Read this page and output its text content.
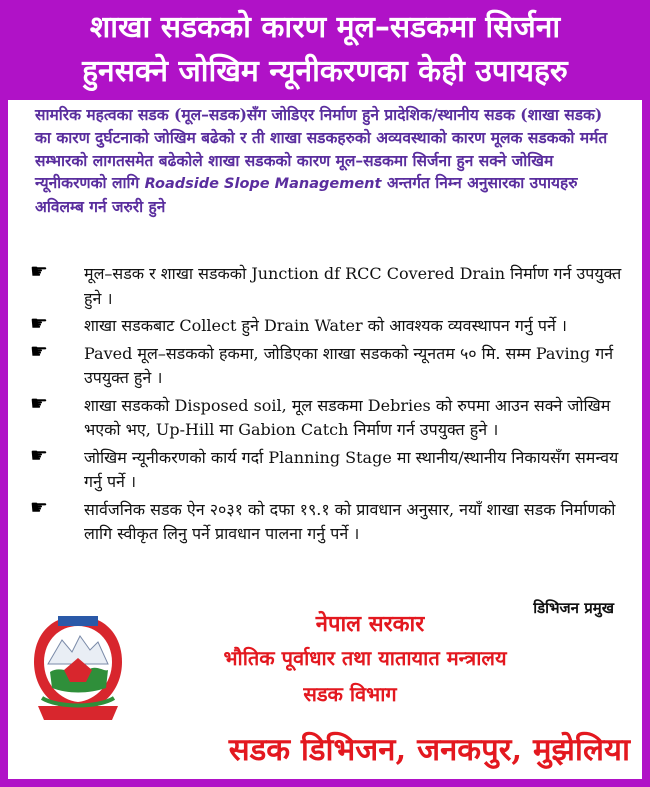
शाखा सडकको कारण मूल–सडकमा सिर्जना
हुनसक्ने जोखिम न्यूनीकरणका केही उपायहरु
सामरिक महत्वका सडक (मूल–सडक)सँग जोडिएर निर्माण हुने प्रादेशिक/स्थानीय सडक (शाखा सडक) का कारण दुर्घटनाको जोखिम बढेको र ती शाखा सडकहरुको अव्यवस्थाको कारण मूलक सडकको मर्मत सम्भारको लागतसमेत बढेकोले शाखा सडकको कारण मूल–सडकमा सिर्जना हुन सक्ने जोखिम न्यूनीकरणको लागि Roadside Slope Management अन्तर्गत निम्न अनुसारका उपायहरु अविलम्ब गर्न जरुरी हुने
☛	मूल–सडक र शाखा सडकको Junction df RCC Covered Drain निर्माण गर्न उपयुक्त हुने ।
☛	शाखा सडकबाट Collect हुने Drain Water को आवश्यक व्यवस्थापन गर्नु पर्ने ।
☛	Paved मूल–सडकको हकमा, जोडिएका शाखा सडकको न्यूनतम ५० मि. सम्म Paving गर्न उपयुक्त हुने ।
☛	शाखा सडकको Disposed soil, मूल सडकमा Debries को रुपमा आउन सक्ने जोखिम भएको भए, Up-Hill मा Gabion Catch निर्माण गर्न उपयुक्त हुने ।
☛	जोखिम न्यूनीकरणको कार्य गर्दा Planning Stage मा स्थानीय/स्थानीय निकायसँग समन्वय गर्नु पर्ने ।
☛	सार्वजनिक सडक ऐन २०३१ को दफा १९.१ को प्रावधान अनुसार, नयाँ शाखा सडक निर्माणको लागि स्वीकृत लिनु पर्ने प्रावधान पालना गर्नु पर्ने ।
डिभिजन प्रमुख
नेपाल सरकार
भौतिक पूर्वाधार तथा यातायात मन्त्रालय
सडक विभाग
सडक डिभिजन, जनकपुर, मुझेलिया
